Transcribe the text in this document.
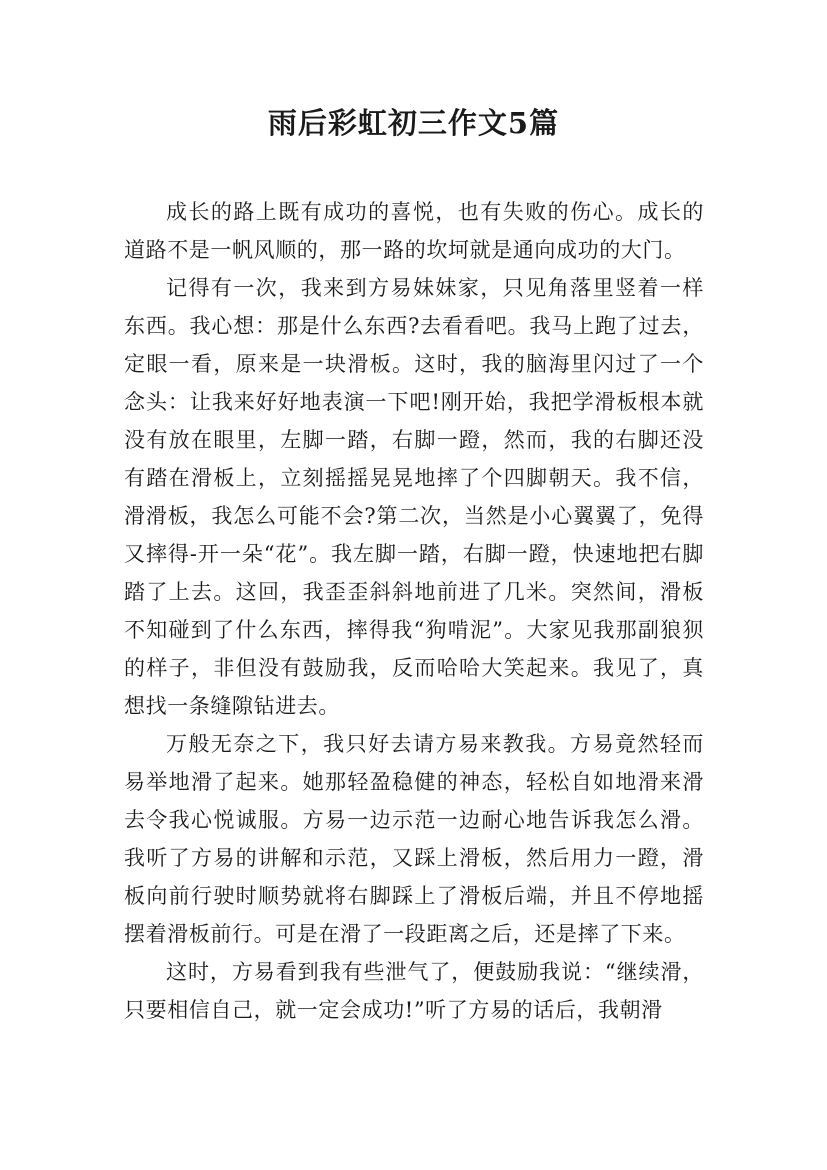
雨后彩虹初三作文5篇

成长的路上既有成功的喜悦，也有失败的伤心。成长的道路不是一帆风顺的，那一路的坎坷就是通向成功的大门。

记得有一次，我来到方易妹妹家，只见角落里竖着一样东西。我心想：那是什么东西?去看看吧。我马上跑了过去，定眼一看，原来是一块滑板。这时，我的脑海里闪过了一个念头：让我来好好地表演一下吧!刚开始，我把学滑板根本就没有放在眼里，左脚一踏，右脚一蹬，然而，我的右脚还没有踏在滑板上，立刻摇摇晃晃地摔了个四脚朝天。我不信，滑滑板，我怎么可能不会?第二次，当然是小心翼翼了，免得又摔得-开一朵“花”。我左脚一踏，右脚一蹬，快速地把右脚踏了上去。这回，我歪歪斜斜地前进了几米。突然间，滑板不知碰到了什么东西，摔得我“狗啃泥”。大家见我那副狼狈的样子，非但没有鼓励我，反而哈哈大笑起来。我见了，真想找一条缝隙钻进去。

万般无奈之下，我只好去请方易来教我。方易竟然轻而易举地滑了起来。她那轻盈稳健的神态，轻松自如地滑来滑去令我心悦诚服。方易一边示范一边耐心地告诉我怎么滑。我听了方易的讲解和示范，又踩上滑板，然后用力一蹬，滑板向前行驶时顺势就将右脚踩上了滑板后端，并且不停地摇摆着滑板前行。可是在滑了一段距离之后，还是摔了下来。

这时，方易看到我有些泄气了，便鼓励我说：“继续滑，只要相信自己，就一定会成功!”听了方易的话后，我朝滑
